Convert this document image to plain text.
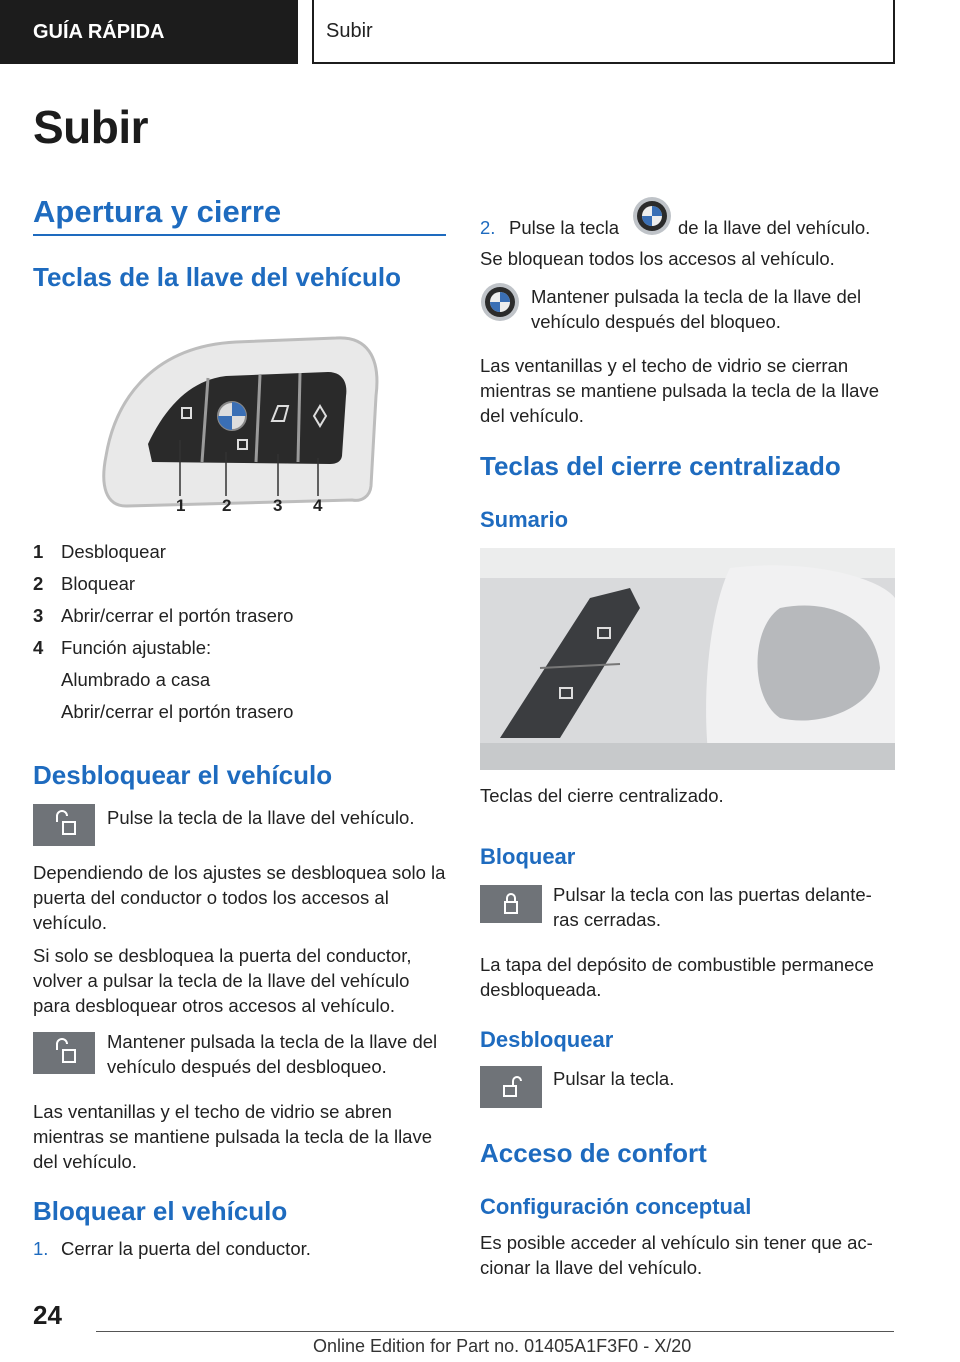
GUÍA RÁPIDA	Subir
Subir
Apertura y cierre
Teclas de la llave del vehículo
1 2 3 4
1 Desbloquear
2 Bloquear
3 Abrir/cerrar el portón trasero
4 Función ajustable:
Alumbrado a casa
Abrir/cerrar el portón trasero
Desbloquear el vehículo
Pulse la tecla de la llave del vehículo.
Dependiendo de los ajustes se desbloquea solo la puerta del conductor o todos los accesos al vehículo.
Si solo se desbloquea la puerta del conductor, volver a pulsar la tecla de la llave del vehículo para desbloquear otros accesos al vehículo.
Mantener pulsada la tecla de la llave del vehículo después del desbloqueo.
Las ventanillas y el techo de vidrio se abren mientras se mantiene pulsada la tecla de la llave del vehículo.
Bloquear el vehículo
1. Cerrar la puerta del conductor.
2. Pulse la tecla	de la llave del vehículo.
Se bloquean todos los accesos al vehículo.
Mantener pulsada la tecla de la llave del vehículo después del bloqueo.
Las ventanillas y el techo de vidrio se cierran mientras se mantiene pulsada la tecla de la llave del vehículo.
Teclas del cierre centralizado
Sumario
Teclas del cierre centralizado.
Bloquear
Pulsar la tecla con las puertas delante‐ ras cerradas.
La tapa del depósito de combustible permanece desbloqueada.
Desbloquear
Pulsar la tecla.
Acceso de confort
Configuración conceptual
Es posible acceder al vehículo sin tener que ac‐ cionar la llave del vehículo.
24
Online Edition for Part no. 01405A1F3F0 - X/20
